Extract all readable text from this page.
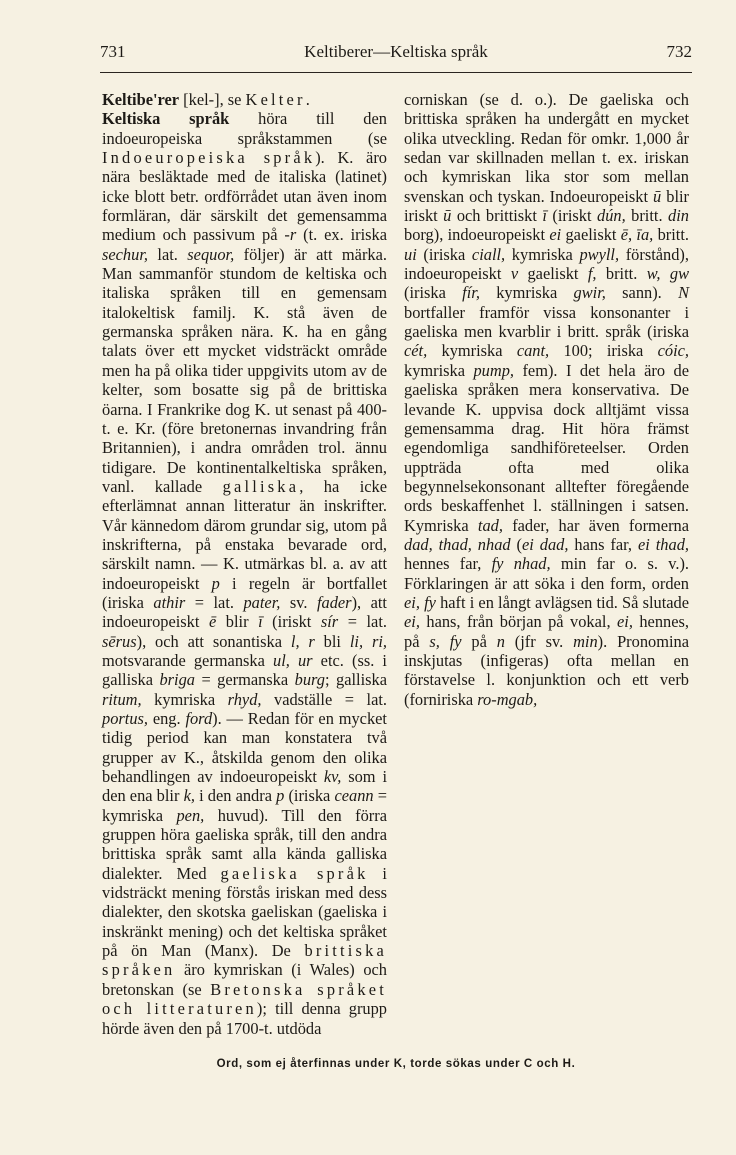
731	Keltiberer—Keltiska språk	732

Keltibe'rer [kel-], se Kelter.

Keltiska språk höra till den indoeuropeiska språkstammen (se Indoeuropeiska språk). K. äro nära besläktade med de italiska (latinet) icke blott betr. ordförrådet utan även inom formläran, där särskilt det gemensamma medium och passivum på -r (t. ex. iriska sechur, lat. sequor, följer) är att märka. Man sammanför stundom de keltiska och italiska språken till en gemensam italokeltisk familj. K. stå även de germanska språken nära. K. ha en gång talats över ett mycket vidsträckt område men ha på olika tider uppgivits utom av de kelter, som bosatte sig på de brittiska öarna. I Frankrike dog K. ut senast på 400-t. e. Kr. (före bretonernas invandring från Britannien), i andra områden trol. ännu tidigare. De kontinentalkeltiska språken, vanl. kallade galliska, ha icke efterlämnat annan litteratur än inskrifter. Vår kännedom därom grundar sig, utom på inskrifterna, på enstaka bevarade ord, särskilt namn. — K. utmärkas bl. a. av att indoeuropeiskt p i regeln är bortfallet (iriska athir = lat. pater, sv. fader), att indoeuropeiskt ē blir ī (iriskt sír = lat. sērus), och att sonantiska l, r bli li, ri, motsvarande germanska ul, ur etc. (ss. i galliska briga = germanska burg; galliska ritum, kymriska rhyd, vadställe = lat. portus, eng. ford). — Redan för en mycket tidig period kan man konstatera två grupper av K., åtskilda genom den olika behandlingen av indoeuropeiskt kv, som i den ena blir k, i den andra p (iriska ceann = kymriska pen, huvud). Till den förra gruppen höra gaeliska språk, till den andra brittiska språk samt alla kända galliska dialekter. Med gaeliska språk i vidsträckt mening förstås iriskan med dess dialekter, den skotska gaeliskan (gaeliska i inskränkt mening) och det keltiska språket på ön Man (Manx). De brittiska språken äro kymriskan (i Wales) och bretonskan (se Bretonska språket och litteraturen); till denna grupp hörde även den på 1700-t. utdöda

corniskan (se d. o.). De gaeliska och brittiska språken ha undergått en mycket olika utveckling. Redan för omkr. 1,000 år sedan var skillnaden mellan t. ex. iriskan och kymriskan lika stor som mellan svenskan och tyskan. Indoeuropeiskt ū blir iriskt ū och brittiskt ī (iriskt dún, britt. din borg), indoeuropeiskt ei gaeliskt ē, īa, britt. ui (iriska ciall, kymriska pwyll, förstånd), indoeuropeiskt v gaeliskt f, britt. w, gw (iriska fír, kymriska gwir, sann). N bortfaller framför vissa konsonanter i gaeliska men kvarblir i britt. språk (iriska cét, kymriska cant, 100; iriska cóic, kymriska pump, fem). I det hela äro de gaeliska språken mera konservativa. De levande K. uppvisa dock alltjämt vissa gemensamma drag. Hit höra främst egendomliga sandhiföreteelser. Orden uppträda ofta med olika begynnelsekonsonant alltefter föregående ords beskaffenhet l. ställningen i satsen. Kymriska tad, fader, har även formerna dad, thad, nhad (ei dad, hans far, ei thad, hennes far, fy nhad, min far o. s. v.). Förklaringen är att söka i den form, orden ei, fy haft i en långt avlägsen tid. Så slutade ei, hans, från början på vokal, ei, hennes, på s, fy på n (jfr sv. min). Pronomina inskjutas (infigeras) ofta mellan en förstavelse l. konjunktion och ett verb (forniriska ro-mgab,

Ord, som ej återfinnas under K, torde sökas under C och H.
